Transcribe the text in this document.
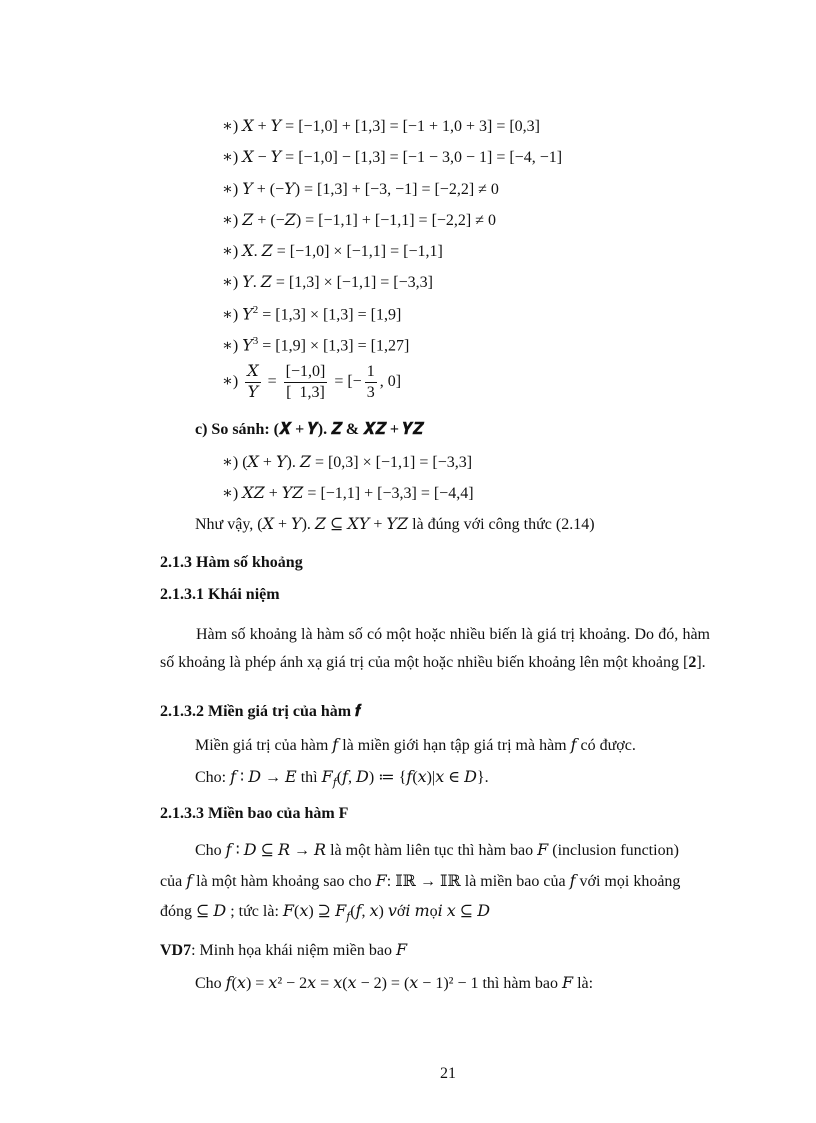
∗) 𝑋 + 𝑌 = [−1,0] + [1,3] = [−1 + 1,0 + 3] = [0,3]
∗) 𝑋 − 𝑌 = [−1,0] − [1,3] = [−1 − 3,0 − 1] = [−4, −1]
∗) 𝑌 + (−𝑌) = [1,3] + [−3, −1] = [−2,2] ≠ 0
∗) 𝑍 + (−𝑍) = [−1,1] + [−1,1] = [−2,2] ≠ 0
∗) 𝑋. 𝑍 = [−1,0] × [−1,1] = [−1,1]
∗) 𝑌. 𝑍 = [1,3] × [−1,1] = [−3,3]
∗) 𝑌$^2$ = [1,3] × [1,3] = [1,9]
∗) 𝑌$^3$ = [1,9] × [1,3] = [1,27]
∗) $\frac{\text{𝑋}}{\text{𝑌}} = \frac{[-1,0]}{[ 1,3]}$ = [− $\frac{1}{3}$ , 0]
c) So sánh: (𝑿 + 𝒀). 𝒁 & 𝑿𝒁 + 𝒀𝒁
∗) (𝑋 + 𝑌). 𝑍 = [0,3] × [−1,1] = [−3,3]
∗) 𝑋𝑍 + 𝑌𝑍 = [−1,1] + [−3,3] = [−4,4]
Như vậy, (𝑋 + 𝑌). 𝑍 ⊆ 𝑋𝑌 + 𝑌𝑍 là đúng với công thức (2.14)
2.1.3 Hàm số khoảng
2.1.3.1 Khái niệm
Hàm số khoảng là hàm số có một hoặc nhiều biến là giá trị khoảng. Do đó, hàm số khoảng là phép ánh xạ giá trị của một hoặc nhiều biến khoảng lên một khoảng [2].
2.1.3.2 Miền giá trị của hàm 𝒇
Miền giá trị của hàm 𝑓 là miền giới hạn tập giá trị mà hàm 𝑓 có được.
Cho: 𝑓 ∶ 𝐷 → 𝐸 thì 𝐹$_𝑓$(𝑓, 𝐷) ≔ {𝑓(𝑥)|𝑥 ∈ 𝐷}.
2.1.3.3 Miền bao của hàm F
Cho 𝑓 ∶ 𝐷 ⊆ 𝑅 → 𝑅 là một hàm liên tục thì hàm bao 𝐹 (inclusion function)
của 𝑓 là một hàm khoảng sao cho 𝐹: 𝕀ℝ → 𝕀ℝ là miền bao của 𝑓 với mọi khoảng
đóng ⊆ 𝐷 ; tức là: 𝐹(𝑥) ⊇ 𝐹$_𝑓$(𝑓, 𝑥) 𝑣ớ𝑖 𝑚ọ𝑖 𝑥 ⊆ 𝐷
VD7: Minh họa khái niệm miền bao 𝐹
Cho 𝑓(𝑥) = 𝑥² − 2𝑥 = 𝑥(𝑥 − 2) = (𝑥 − 1)² − 1 thì hàm bao 𝐹 là:
21
